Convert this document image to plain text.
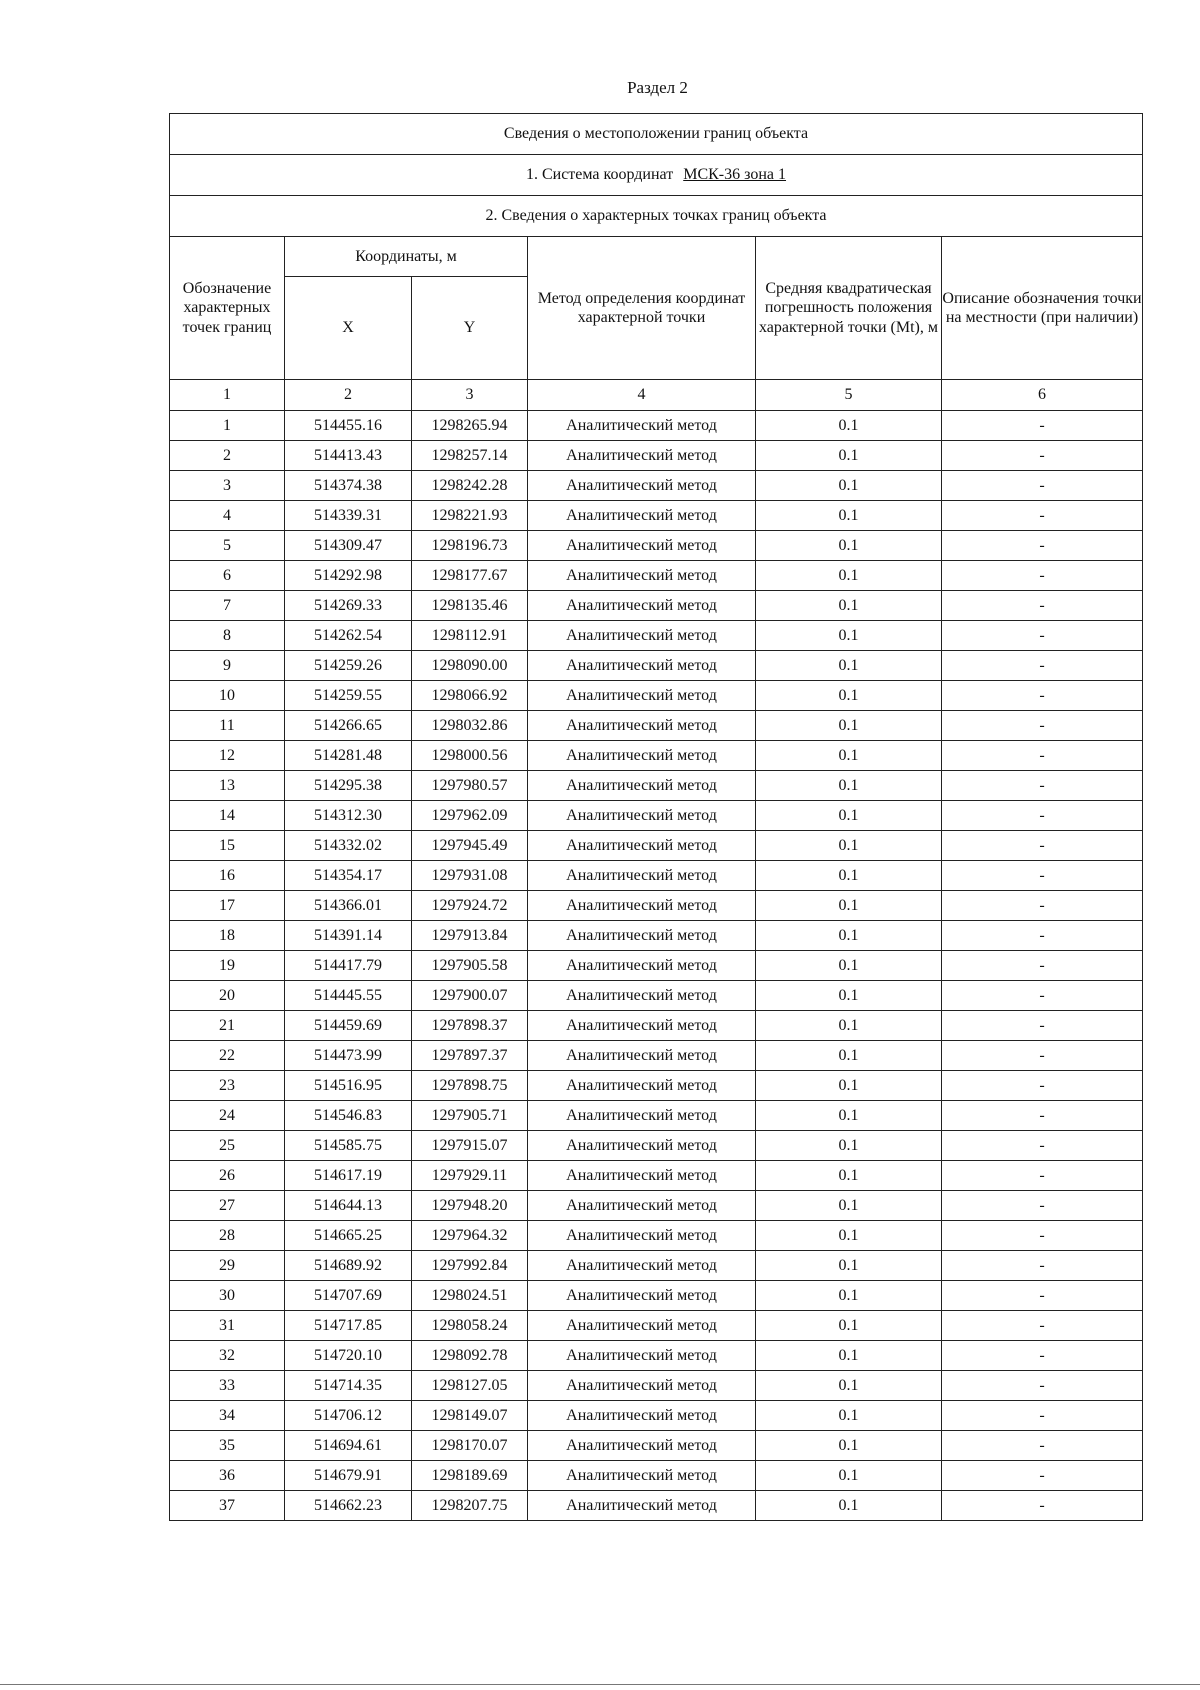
Раздел 2
Сведения о местоположении границ объекта					
1. Система координат МСК-36 зона 1					
2. Сведения о характерных точках границ объекта					
Обозначение характерных точек границ	Координаты, м		Метод определения координат характерной точки	Средняя квадратическая погрешность положения характерной точки (Mt), м	Описание обозначения точки на местности (при наличии)
	X	Y			
1	2	3	4	5	6
1	514455.16	1298265.94	Аналитический метод	0.1	-
2	514413.43	1298257.14	Аналитический метод	0.1	-
3	514374.38	1298242.28	Аналитический метод	0.1	-
4	514339.31	1298221.93	Аналитический метод	0.1	-
5	514309.47	1298196.73	Аналитический метод	0.1	-
6	514292.98	1298177.67	Аналитический метод	0.1	-
7	514269.33	1298135.46	Аналитический метод	0.1	-
8	514262.54	1298112.91	Аналитический метод	0.1	-
9	514259.26	1298090.00	Аналитический метод	0.1	-
10	514259.55	1298066.92	Аналитический метод	0.1	-
11	514266.65	1298032.86	Аналитический метод	0.1	-
12	514281.48	1298000.56	Аналитический метод	0.1	-
13	514295.38	1297980.57	Аналитический метод	0.1	-
14	514312.30	1297962.09	Аналитический метод	0.1	-
15	514332.02	1297945.49	Аналитический метод	0.1	-
16	514354.17	1297931.08	Аналитический метод	0.1	-
17	514366.01	1297924.72	Аналитический метод	0.1	-
18	514391.14	1297913.84	Аналитический метод	0.1	-
19	514417.79	1297905.58	Аналитический метод	0.1	-
20	514445.55	1297900.07	Аналитический метод	0.1	-
21	514459.69	1297898.37	Аналитический метод	0.1	-
22	514473.99	1297897.37	Аналитический метод	0.1	-
23	514516.95	1297898.75	Аналитический метод	0.1	-
24	514546.83	1297905.71	Аналитический метод	0.1	-
25	514585.75	1297915.07	Аналитический метод	0.1	-
26	514617.19	1297929.11	Аналитический метод	0.1	-
27	514644.13	1297948.20	Аналитический метод	0.1	-
28	514665.25	1297964.32	Аналитический метод	0.1	-
29	514689.92	1297992.84	Аналитический метод	0.1	-
30	514707.69	1298024.51	Аналитический метод	0.1	-
31	514717.85	1298058.24	Аналитический метод	0.1	-
32	514720.10	1298092.78	Аналитический метод	0.1	-
33	514714.35	1298127.05	Аналитический метод	0.1	-
34	514706.12	1298149.07	Аналитический метод	0.1	-
35	514694.61	1298170.07	Аналитический метод	0.1	-
36	514679.91	1298189.69	Аналитический метод	0.1	-
37	514662.23	1298207.75	Аналитический метод	0.1	-
